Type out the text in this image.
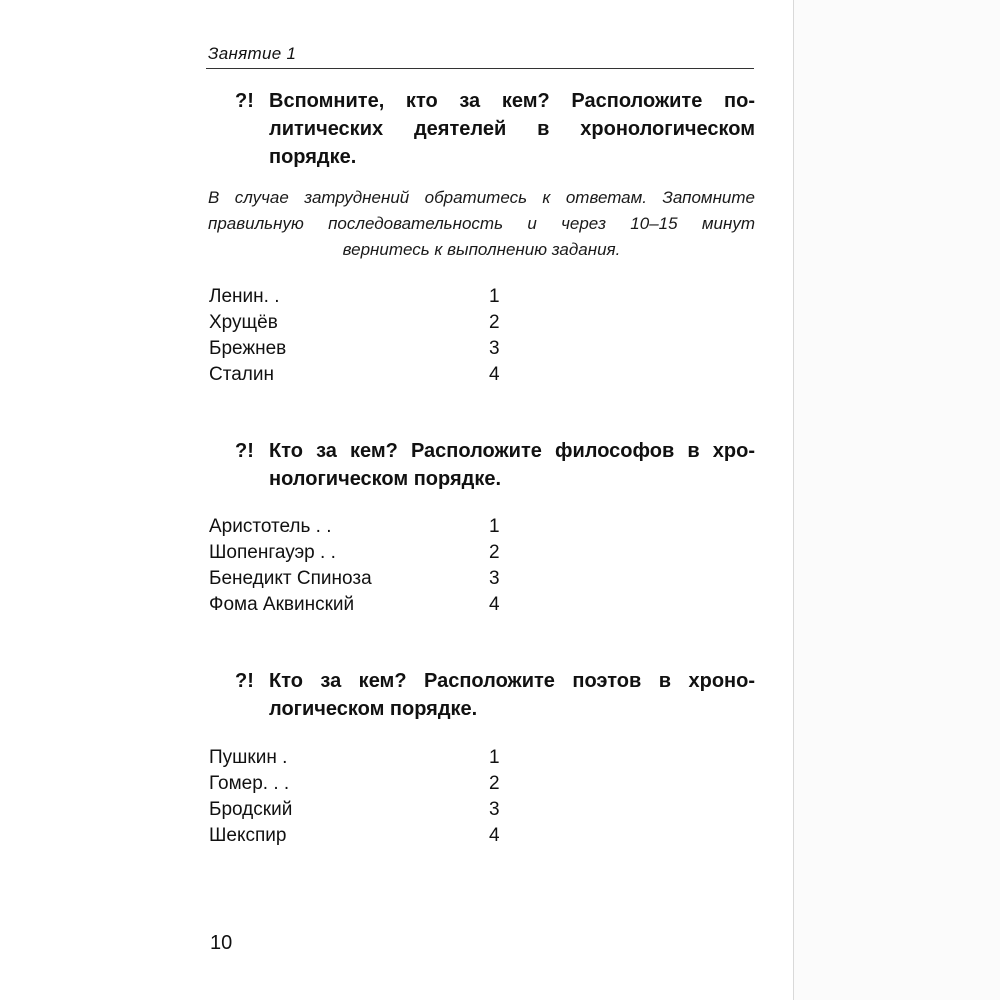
Занятие 1
?! Вспомните, кто за кем? Расположите по-
литических деятелей в хронологическом
порядке.
В случае затруднений обратитесь к ответам. Запомните
правильную последовательность и через 10–15 минут
вернитесь к выполнению задания.
Ленин. .	1
Хрущёв	2
Брежнев	3
Сталин	4
?! Кто за кем? Расположите философов в хро-
нологическом порядке.
Аристотель . .	1
Шопенгауэр . .	2
Бенедикт Спиноза	3
Фома Аквинский	4
?! Кто за кем? Расположите поэтов в хроно-
логическом порядке.
Пушкин .	1
Гомер. . .	2
Бродский	3
Шекспир	4
10
